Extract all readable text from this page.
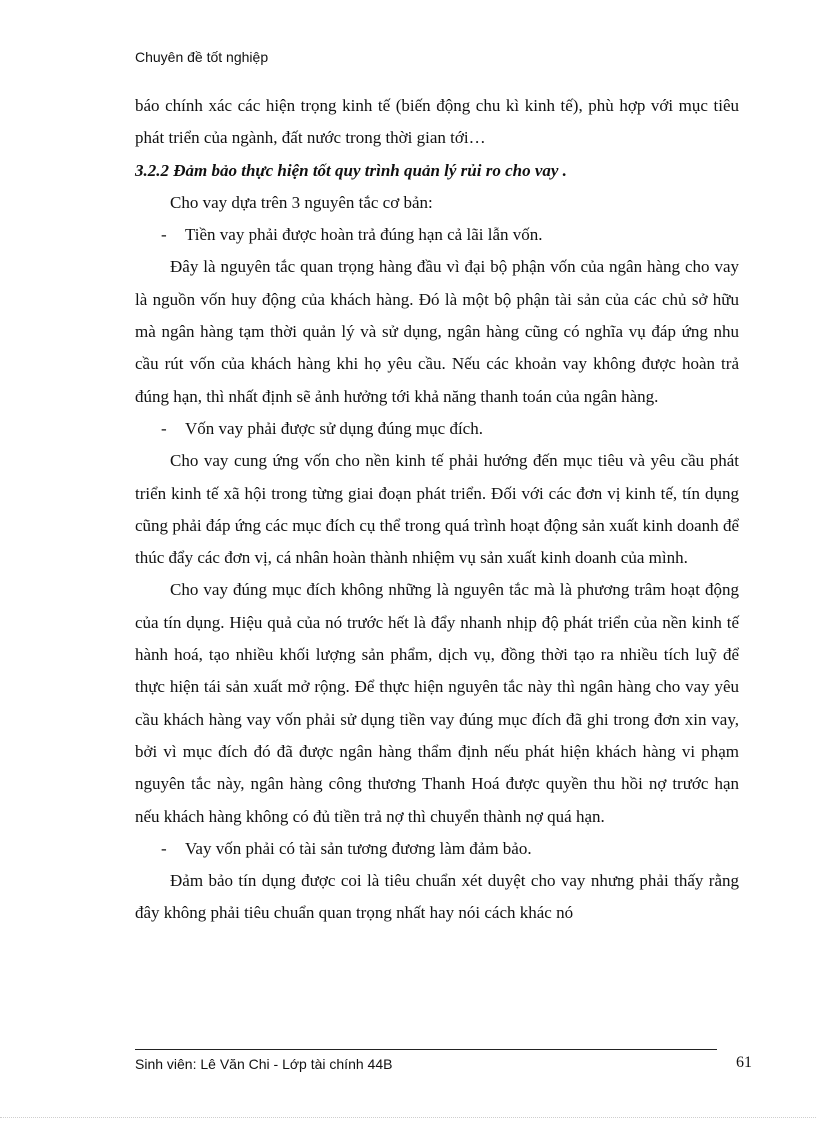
Chuyên đề tốt nghiệp

báo chính xác các hiện trọng kinh tế (biến động chu kì kinh tế), phù hợp với mục tiêu phát triển của ngành, đất nước trong thời gian tới…

3.2.2 Đảm bảo thực hiện tốt quy trình quản lý rủi ro cho vay .

Cho vay dựa trên 3 nguyên tắc cơ bản:

- Tiền vay phải được hoàn trả đúng hạn cả lãi lẫn vốn.

Đây là nguyên tắc quan trọng hàng đầu vì đại bộ phận vốn của ngân hàng cho vay là nguồn vốn huy động của khách hàng. Đó là một bộ phận tài sản của các chủ sở hữu mà ngân hàng tạm thời quản lý và sử dụng, ngân hàng cũng có nghĩa vụ đáp ứng nhu cầu rút vốn của khách hàng khi họ yêu cầu. Nếu các khoản vay không được hoàn trả đúng hạn, thì nhất định sẽ ảnh hưởng tới khả năng thanh toán của ngân hàng.

- Vốn vay phải được sử dụng đúng mục đích.

Cho vay cung ứng vốn cho nền kinh tế phải hướng đến mục tiêu và yêu cầu phát triển kinh tế xã hội trong từng giai đoạn phát triển. Đối với các đơn vị kinh tế, tín dụng cũng phải đáp ứng các mục đích cụ thể trong quá trình hoạt động sản xuất kinh doanh để thúc đẩy các đơn vị, cá nhân hoàn thành nhiệm vụ sản xuất kinh doanh của mình.

Cho vay đúng mục đích không những là nguyên tắc mà là phương trâm hoạt động của tín dụng. Hiệu quả của nó trước hết là đẩy nhanh nhịp độ phát triển của nền kinh tế hành hoá, tạo nhiều khối lượng sản phẩm, dịch vụ, đồng thời tạo ra nhiều tích luỹ để thực hiện tái sản xuất mở rộng. Để thực hiện nguyên tắc này thì ngân hàng cho vay yêu cầu khách hàng vay vốn phải sử dụng tiền vay đúng mục đích đã ghi trong đơn xin vay, bởi vì mục đích đó đã được ngân hàng thẩm định nếu phát hiện khách hàng vi phạm nguyên tắc này, ngân hàng công thương Thanh Hoá được quyền thu hồi nợ trước hạn nếu khách hàng không có đủ tiền trả nợ thì chuyển thành nợ quá hạn.

- Vay vốn phải có tài sản tương đương làm đảm bảo.

Đảm bảo tín dụng được coi là tiêu chuẩn xét duyệt cho vay nhưng phải thấy rằng đây không phải tiêu chuẩn quan trọng nhất hay nói cách khác nó

Sinh viên: Lê Văn Chi - Lớp tài chính 44B	61
